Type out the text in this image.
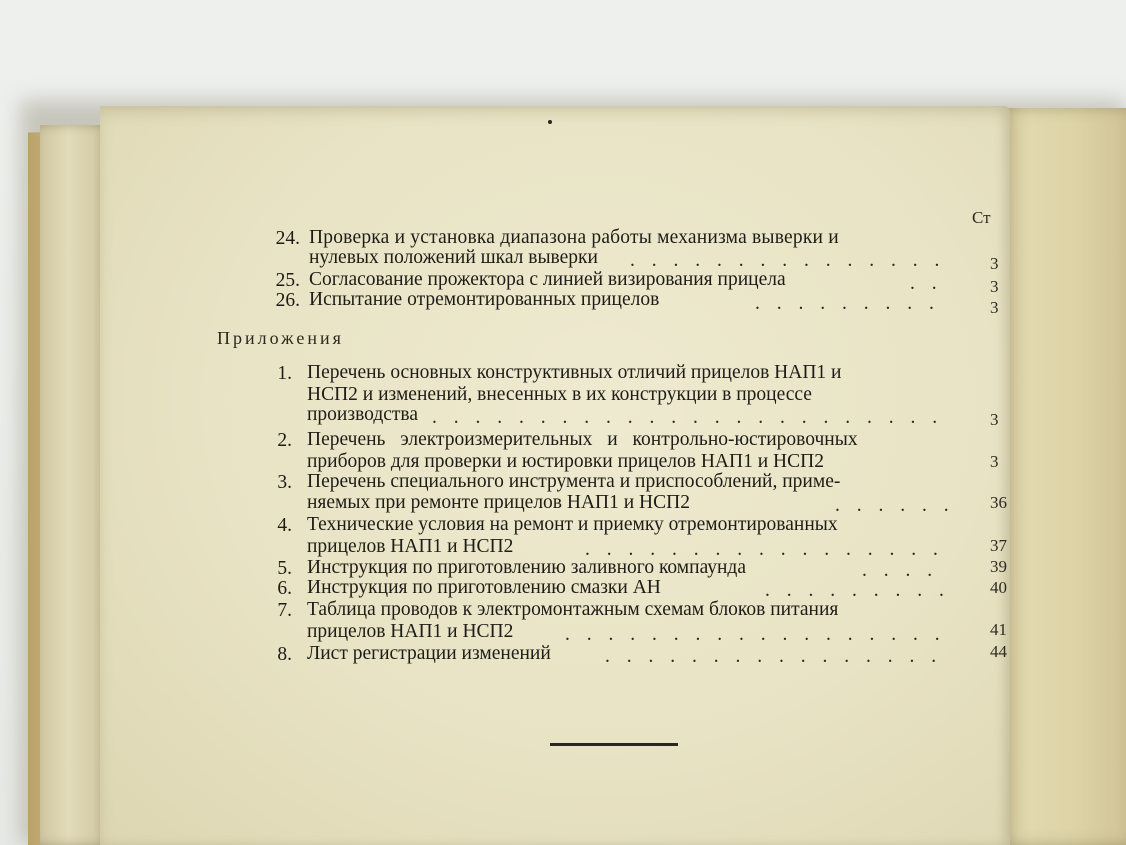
Ст
24. Проверка и установка диапазона работы механизма выверки и
нулевых положений шкал выверки . . . . . . . . . . . . . . .	3
25. Согласование прожектора с линией визирования прицела	. .	3
26. Испытание отремонтированных прицелов	. . . . . . . . .	3
Приложения
1. Перечень основных конструктивных отличий прицелов НАП1 и
НСП2 и изменений, внесенных в их конструкции в процессе
производства . . . . . . . . . . . . . . . . . . . . . . . .	3
2. Перечень электроизмерительных и контрольно-юстировочных
приборов для проверки и юстировки прицелов НАП1 и НСП2	3
3. Перечень специального инструмента и приспособлений, приме-
няемых при ремонте прицелов НАП1 и НСП2	. . . . . .	36
4. Технические условия на ремонт и приемку отремонтированных
прицелов НАП1 и НСП2	. . . . . . . . . . . . . . . . .	37
5. Инструкция по приготовлению заливного компаунда	. . . .	39
6. Инструкция по приготовлению смазки АН	. . . . . . . . .	40
7. Таблица проводов к электромонтажным схемам блоков питания
прицелов НАП1 и НСП2	. . . . . . . . . . . . . . . . . .	41
8. Лист регистрации изменений	. . . . . . . . . . . . . . . .	44
